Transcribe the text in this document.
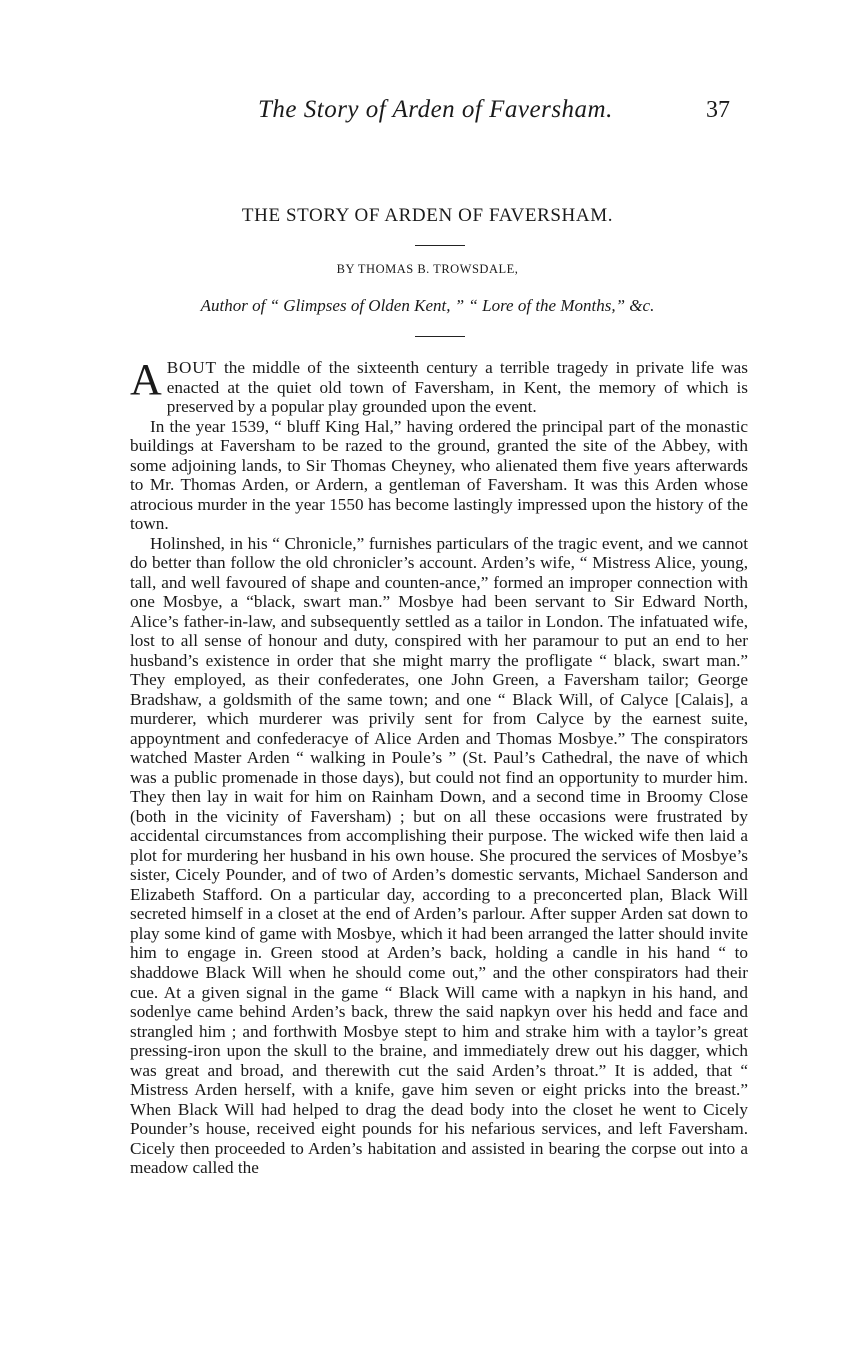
The Story of Arden of Faversham.	37
THE STORY OF ARDEN OF FAVERSHAM.
BY THOMAS B. TROWSDALE,
Author of “ Glimpses of Olden Kent, ” “ Lore of the Months,” &c.

ABOUT the middle of the sixteenth century a terrible tragedy in private life was enacted at the quiet old town of Faversham, in Kent, the memory of which is preserved by a popular play grounded upon the event.

In the year 1539, “ bluff King Hal,” having ordered the principal part of the monastic buildings at Faversham to be razed to the ground, granted the site of the Abbey, with some adjoining lands, to Sir Thomas Cheyney, who alienated them five years afterwards to Mr. Thomas Arden, or Ardern, a gentleman of Faversham. It was this Arden whose atrocious murder in the year 1550 has become lastingly impressed upon the history of the town.

Holinshed, in his “ Chronicle,” furnishes particulars of the tragic event, and we cannot do better than follow the old chronicler’s account. Arden’s wife, “ Mistress Alice, young, tall, and well favoured of shape and counten-ance,” formed an improper connection with one Mosbye, a “black, swart man.” Mosbye had been servant to Sir Edward North, Alice’s father-in-law, and subsequently settled as a tailor in London. The infatuated wife, lost to all sense of honour and duty, conspired with her paramour to put an end to her husband’s existence in order that she might marry the profligate “ black, swart man.” They employed, as their confederates, one John Green, a Faversham tailor; George Bradshaw, a goldsmith of the same town; and one “ Black Will, of Calyce [Calais], a murderer, which murderer was privily sent for from Calyce by the earnest suite, appoyntment and confederacye of Alice Arden and Thomas Mosbye.” The conspirators watched Master Arden “ walking in Poule’s ” (St. Paul’s Cathedral, the nave of which was a public promenade in those days), but could not find an opportunity to murder him. They then lay in wait for him on Rainham Down, and a second time in Broomy Close (both in the vicinity of Faversham) ; but on all these occasions were frustrated by accidental circumstances from accomplishing their purpose. The wicked wife then laid a plot for murdering her husband in his own house. She procured the services of Mosbye’s sister, Cicely Pounder, and of two of Arden’s domestic servants, Michael Sanderson and Elizabeth Stafford. On a particular day, according to a preconcerted plan, Black Will secreted himself in a closet at the end of Arden’s parlour. After supper Arden sat down to play some kind of game with Mosbye, which it had been arranged the latter should invite him to engage in. Green stood at Arden’s back, holding a candle in his hand “ to shaddowe Black Will when he should come out,” and the other conspirators had their cue. At a given signal in the game “ Black Will came with a napkyn in his hand, and sodenlye came behind Arden’s back, threw the said napkyn over his hedd and face and strangled him ; and forthwith Mosbye stept to him and strake him with a taylor’s great pressing-iron upon the skull to the braine, and immediately drew out his dagger, which was great and broad, and therewith cut the said Arden’s throat.” It is added, that “ Mistress Arden herself, with a knife, gave him seven or eight pricks into the breast.” When Black Will had helped to drag the dead body into the closet he went to Cicely Pounder’s house, received eight pounds for his nefarious services, and left Faversham. Cicely then proceeded to Arden’s habitation and assisted in bearing the corpse out into a meadow called the
